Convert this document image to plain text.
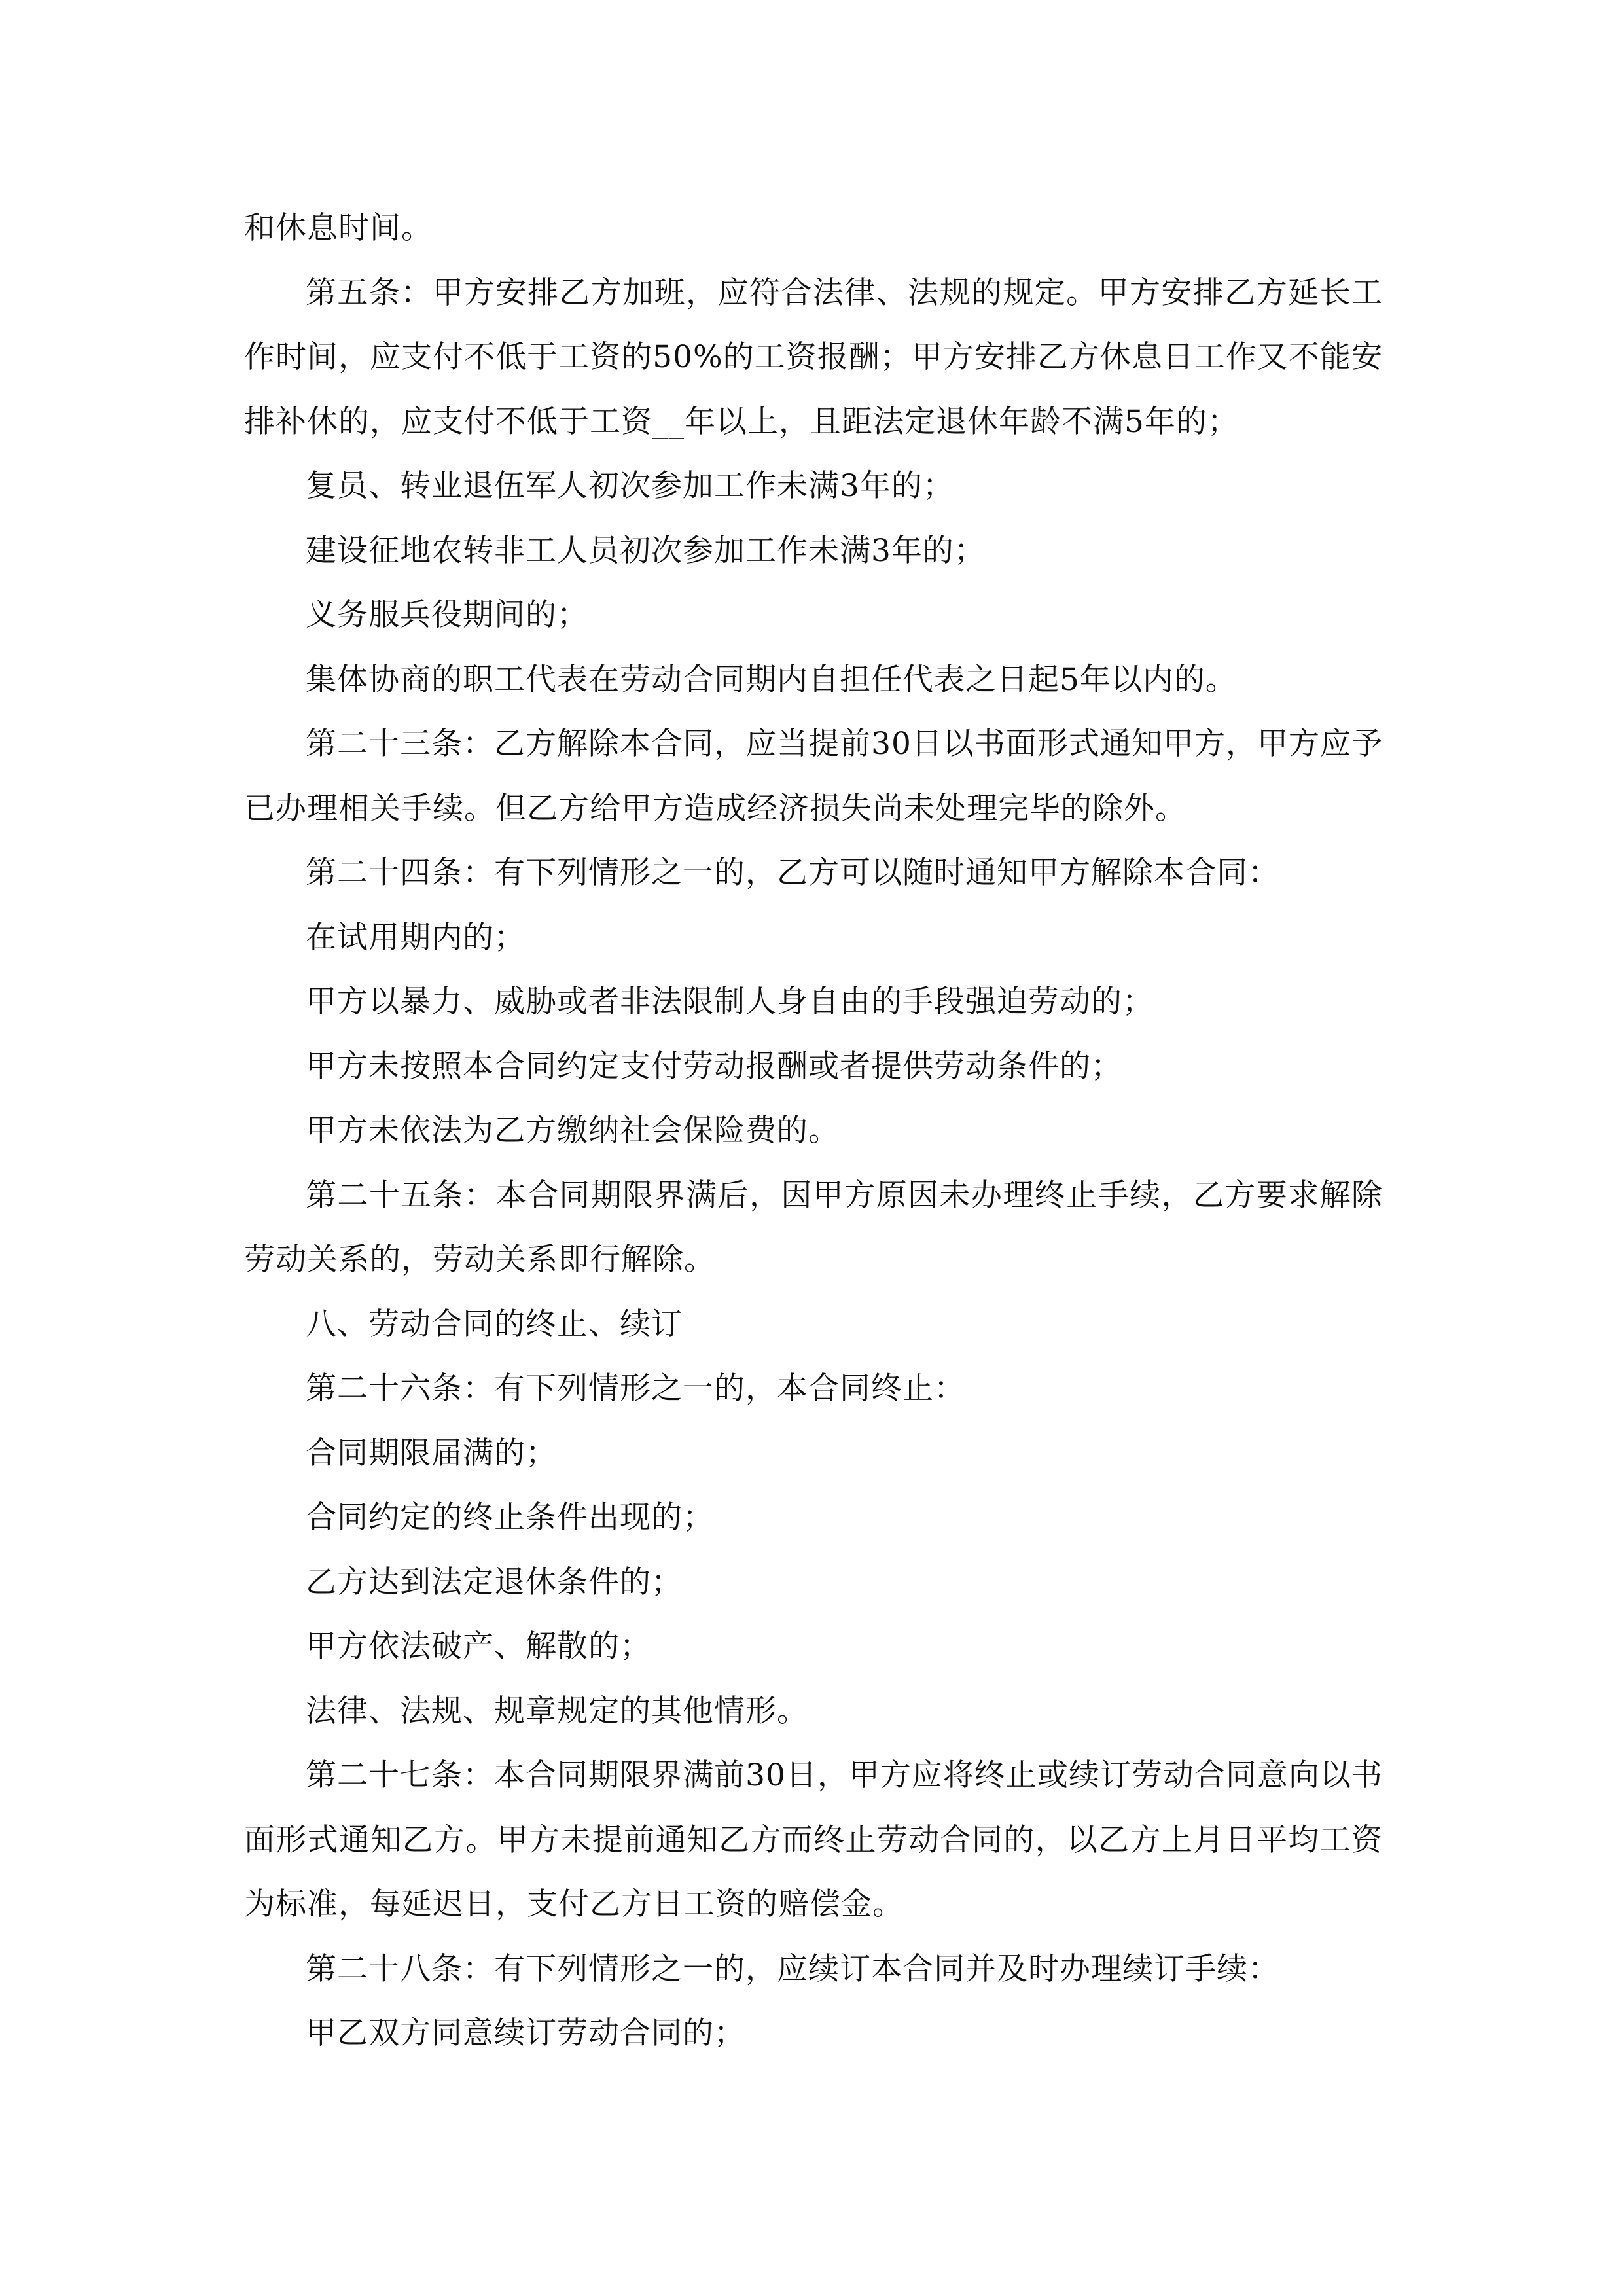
和休息时间。

第五条：甲方安排乙方加班，应符合法律、法规的规定。甲方安排乙方延长工作时间，应支付不低于工资的50%的工资报酬；甲方安排乙方休息日工作又不能安排补休的，应支付不低于工资__年以上，且距法定退休年龄不满5年的；

复员、转业退伍军人初次参加工作未满3年的；

建设征地农转非工人员初次参加工作未满3年的；

义务服兵役期间的；

集体协商的职工代表在劳动合同期内自担任代表之日起5年以内的。

第二十三条：乙方解除本合同，应当提前30日以书面形式通知甲方，甲方应予已办理相关手续。但乙方给甲方造成经济损失尚未处理完毕的除外。

第二十四条：有下列情形之一的，乙方可以随时通知甲方解除本合同：

在试用期内的；

甲方以暴力、威胁或者非法限制人身自由的手段强迫劳动的；

甲方未按照本合同约定支付劳动报酬或者提供劳动条件的；

甲方未依法为乙方缴纳社会保险费的。

第二十五条：本合同期限界满后，因甲方原因未办理终止手续，乙方要求解除劳动关系的，劳动关系即行解除。

八、劳动合同的终止、续订

第二十六条：有下列情形之一的，本合同终止：

合同期限届满的；

合同约定的终止条件出现的；

乙方达到法定退休条件的；

甲方依法破产、解散的；

法律、法规、规章规定的其他情形。

第二十七条：本合同期限界满前30日，甲方应将终止或续订劳动合同意向以书面形式通知乙方。甲方未提前通知乙方而终止劳动合同的，以乙方上月日平均工资为标准，每延迟日，支付乙方日工资的赔偿金。

第二十八条：有下列情形之一的，应续订本合同并及时办理续订手续：

甲乙双方同意续订劳动合同的；
